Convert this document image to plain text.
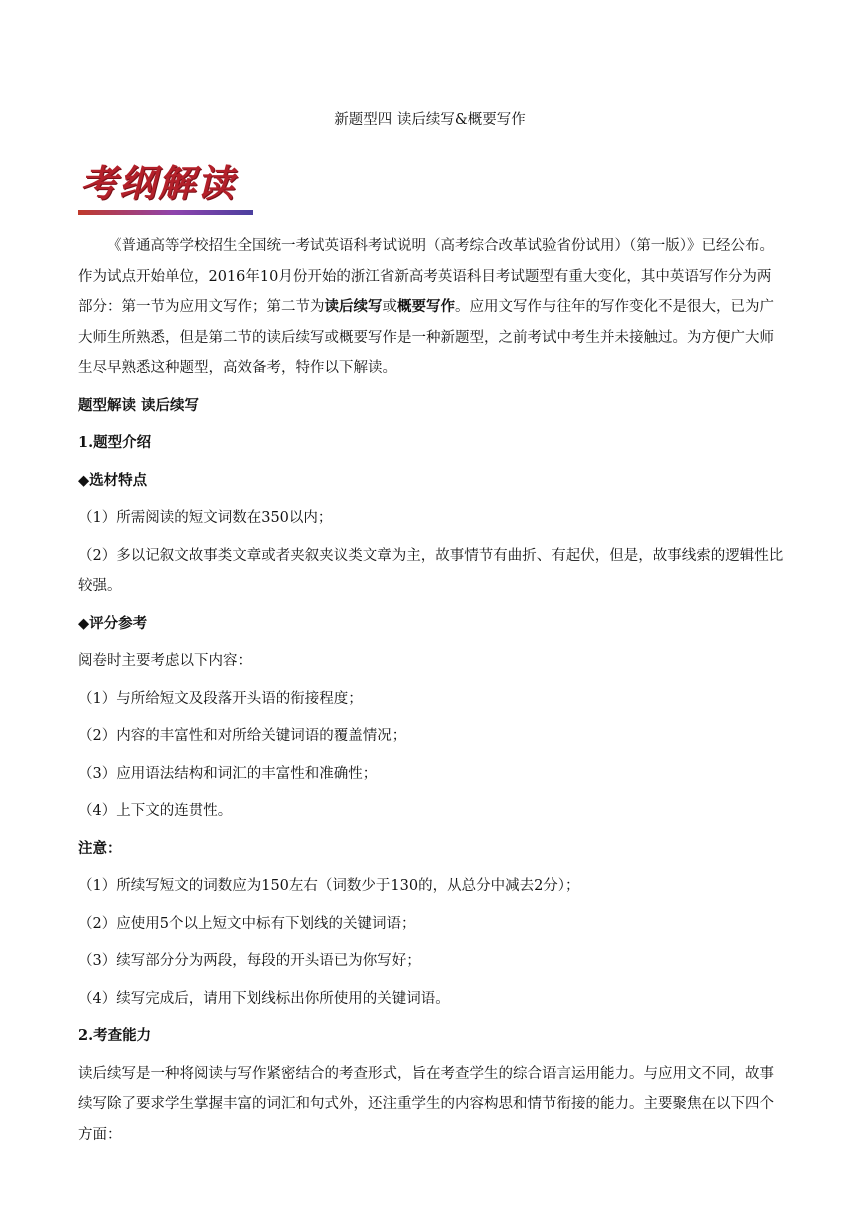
新题型四 读后续写&概要写作
考纲解读

《普通高等学校招生全国统一考试英语科考试说明（高考综合改革试验省份试用）（第一版）》已经公布。作为试点开始单位，2016年10月份开始的浙江省新高考英语科目考试题型有重大变化，其中英语写作分为两部分：第一节为应用文写作；第二节为读后续写或概要写作。应用文写作与往年的写作变化不是很大，已为广大师生所熟悉，但是第二节的读后续写或概要写作是一种新题型，之前考试中考生并未接触过。为方便广大师生尽早熟悉这种题型，高效备考，特作以下解读。

题型解读 读后续写

1.题型介绍

◆选材特点

（1）所需阅读的短文词数在350以内；

（2）多以记叙文故事类文章或者夹叙夹议类文章为主，故事情节有曲折、有起伏，但是，故事线索的逻辑性比较强。

◆评分参考

阅卷时主要考虑以下内容：

（1）与所给短文及段落开头语的衔接程度；

（2）内容的丰富性和对所给关键词语的覆盖情况；

（3）应用语法结构和词汇的丰富性和准确性；

（4）上下文的连贯性。

注意：

（1）所续写短文的词数应为150左右（词数少于130的，从总分中减去2分）；

（2）应使用5个以上短文中标有下划线的关键词语；

（3）续写部分分为两段，每段的开头语已为你写好；

（4）续写完成后，请用下划线标出你所使用的关键词语。

2.考查能力

读后续写是一种将阅读与写作紧密结合的考查形式，旨在考查学生的综合语言运用能力。与应用文不同，故事续写除了要求学生掌握丰富的词汇和句式外，还注重学生的内容构思和情节衔接的能力。主要聚焦在以下四个方面：
